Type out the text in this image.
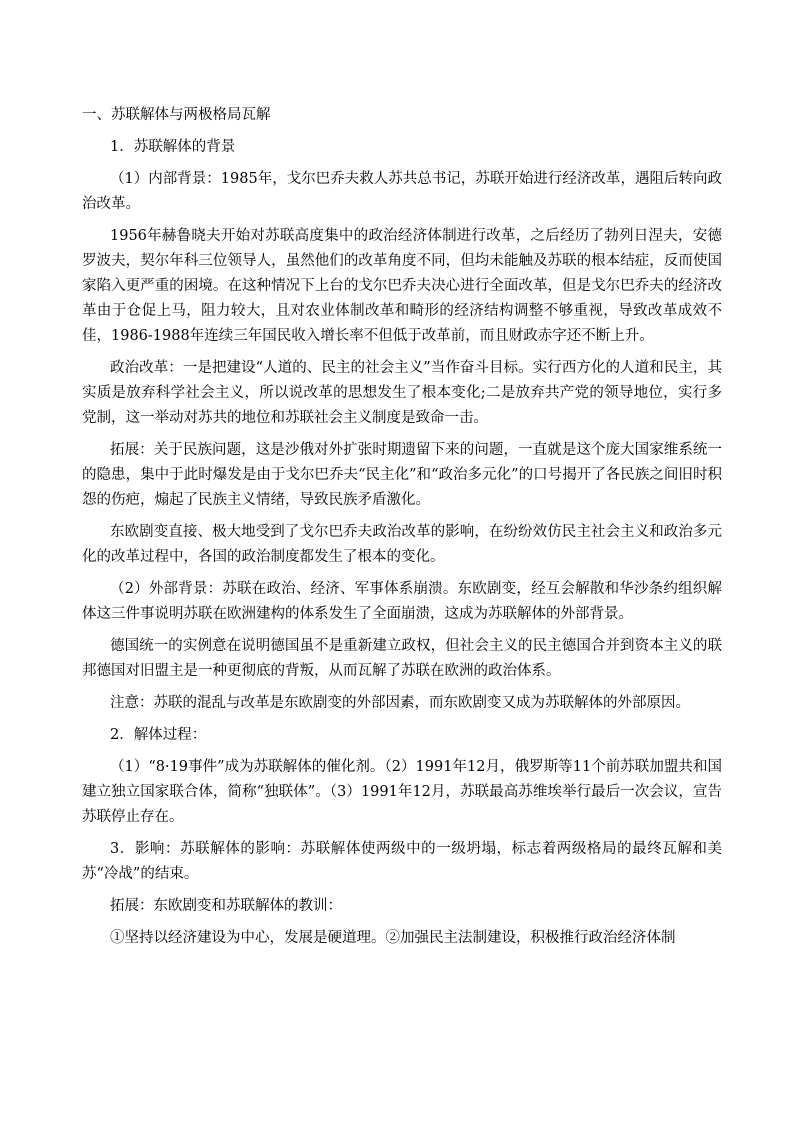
一、苏联解体与两极格局瓦解

1．苏联解体的背景

（1）内部背景：1985年，戈尔巴乔夫救人苏共总书记，苏联开始进行经济改革，遇阻后转向政治改革。

1956年赫鲁晓夫开始对苏联高度集中的政治经济体制进行改革，之后经历了勃列日涅夫，安德罗波夫，契尔年科三位领导人，虽然他们的改革角度不同，但均未能触及苏联的根本结症，反而使国家陷入更严重的困境。在这种情况下上台的戈尔巴乔夫决心进行全面改革，但是戈尔巴乔夫的经济改革由于仓促上马，阻力较大，且对农业体制改革和畸形的经济结构调整不够重视，导致改革成效不佳，1986-1988年连续三年国民收入增长率不但低于改革前，而且财政赤字还不断上升。

政治改革：一是把建设“人道的、民主的社会主义”当作奋斗目标。实行西方化的人道和民主，其实质是放弃科学社会主义，所以说改革的思想发生了根本变化;二是放弃共产党的领导地位，实行多党制，这一举动对苏共的地位和苏联社会主义制度是致命一击。

拓展：关于民族问题，这是沙俄对外扩张时期遗留下来的问题，一直就是这个庞大国家维系统一的隐患，集中于此时爆发是由于戈尔巴乔夫“民主化”和“政治多元化”的口号揭开了各民族之间旧时积怨的伤疤，煽起了民族主义情绪，导致民族矛盾激化。

东欧剧变直接、极大地受到了戈尔巴乔夫政治改革的影响，在纷纷效仿民主社会主义和政治多元化的改革过程中，各国的政治制度都发生了根本的变化。

（2）外部背景：苏联在政治、经济、军事体系崩溃。东欧剧变，经互会解散和华沙条约组织解体这三件事说明苏联在欧洲建构的体系发生了全面崩溃，这成为苏联解体的外部背景。

德国统一的实例意在说明德国虽不是重新建立政权，但社会主义的民主德国合并到资本主义的联邦德国对旧盟主是一种更彻底的背叛，从而瓦解了苏联在欧洲的政治体系。

注意：苏联的混乱与改革是东欧剧变的外部因素，而东欧剧变又成为苏联解体的外部原因。

2．解体过程：

（1）“8·19事件”成为苏联解体的催化剂。（2）1991年12月，俄罗斯等11个前苏联加盟共和国建立独立国家联合体，简称“独联体”。（3）1991年12月，苏联最高苏维埃举行最后一次会议，宣告苏联停止存在。

3．影响：苏联解体的影响：苏联解体使两级中的一级坍塌，标志着两级格局的最终瓦解和美苏“冷战”的结束。

拓展：东欧剧变和苏联解体的教训：

①坚持以经济建设为中心，发展是硬道理。②加强民主法制建设，积极推行政治经济体制
